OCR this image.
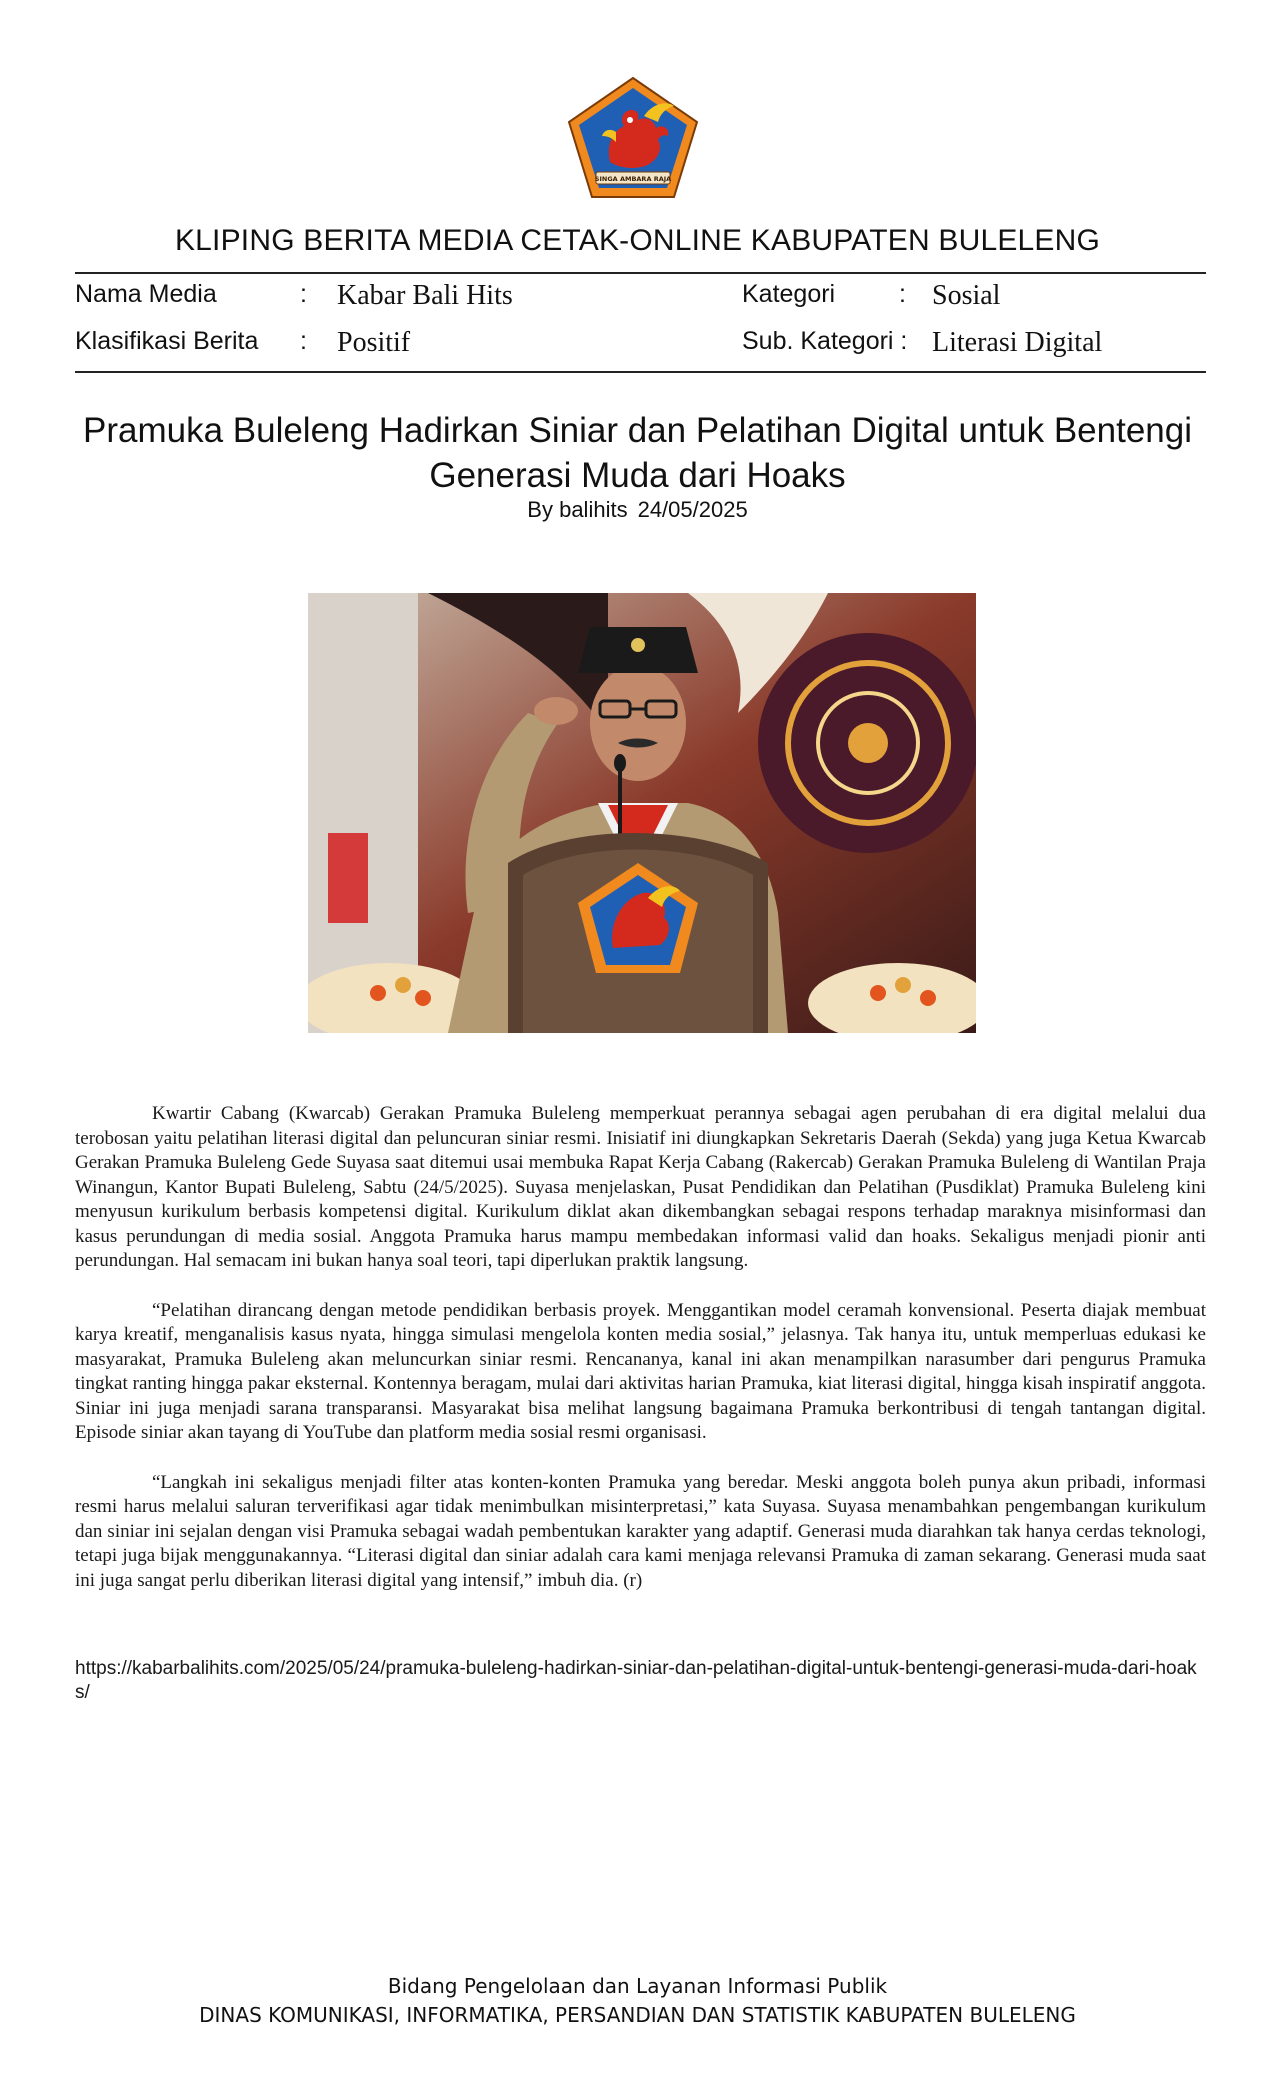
SINGA AMBARA RAJA
KLIPING BERITA MEDIA CETAK-ONLINE KABUPATEN BULELENG
Nama Media	: Kabar Bali Hits	Kategori	: Sosial
Klasifikasi Berita : Positif	Sub. Kategori : Literasi Digital
Pramuka Buleleng Hadirkan Siniar dan Pelatihan Digital untuk Bentengi
Generasi Muda dari Hoaks
By balihits 24/05/2025

Kwartir Cabang (Kwarcab) Gerakan Pramuka Buleleng memperkuat perannya sebagai agen perubahan di era digital melalui dua terobosan yaitu pelatihan literasi digital dan peluncuran siniar resmi. Inisiatif ini diungkapkan Sekretaris Daerah (Sekda) yang juga Ketua Kwarcab Gerakan Pramuka Buleleng Gede Suyasa saat ditemui usai membuka Rapat Kerja Cabang (Rakercab) Gerakan Pramuka Buleleng di Wantilan Praja Winangun, Kantor Bupati Buleleng, Sabtu (24/5/2025). Suyasa menjelaskan, Pusat Pendidikan dan Pelatihan (Pusdiklat) Pramuka Buleleng kini menyusun kurikulum berbasis kompetensi digital. Kurikulum diklat akan dikembangkan sebagai respons terhadap maraknya misinformasi dan kasus perundungan di media sosial. Anggota Pramuka harus mampu membedakan informasi valid dan hoaks. Sekaligus menjadi pionir anti perundungan. Hal semacam ini bukan hanya soal teori, tapi diperlukan praktik langsung.

“Pelatihan dirancang dengan metode pendidikan berbasis proyek. Menggantikan model ceramah konvensional. Peserta diajak membuat karya kreatif, menganalisis kasus nyata, hingga simulasi mengelola konten media sosial,” jelasnya. Tak hanya itu, untuk memperluas edukasi ke masyarakat, Pramuka Buleleng akan meluncurkan siniar resmi. Rencananya, kanal ini akan menampilkan narasumber dari pengurus Pramuka tingkat ranting hingga pakar eksternal. Kontennya beragam, mulai dari aktivitas harian Pramuka, kiat literasi digital, hingga kisah inspiratif anggota. Siniar ini juga menjadi sarana transparansi. Masyarakat bisa melihat langsung bagaimana Pramuka berkontribusi di tengah tantangan digital. Episode siniar akan tayang di YouTube dan platform media sosial resmi organisasi.

“Langkah ini sekaligus menjadi filter atas konten-konten Pramuka yang beredar. Meski anggota boleh punya akun pribadi, informasi resmi harus melalui saluran terverifikasi agar tidak menimbulkan misinterpretasi,” kata Suyasa. Suyasa menambahkan pengembangan kurikulum dan siniar ini sejalan dengan visi Pramuka sebagai wadah pembentukan karakter yang adaptif. Generasi muda diarahkan tak hanya cerdas teknologi, tetapi juga bijak menggunakannya. “Literasi digital dan siniar adalah cara kami menjaga relevansi Pramuka di zaman sekarang. Generasi muda saat ini juga sangat perlu diberikan literasi digital yang intensif,” imbuh dia. (r)

https://kabarbalihits.com/2025/05/24/pramuka-buleleng-hadirkan-siniar-dan-pelatihan-digital-untuk-bentengi-generasi-muda-dari-hoaks/
Bidang Pengelolaan dan Layanan Informasi Publik
DINAS KOMUNIKASI, INFORMATIKA, PERSANDIAN DAN STATISTIK KABUPATEN BULELENG
